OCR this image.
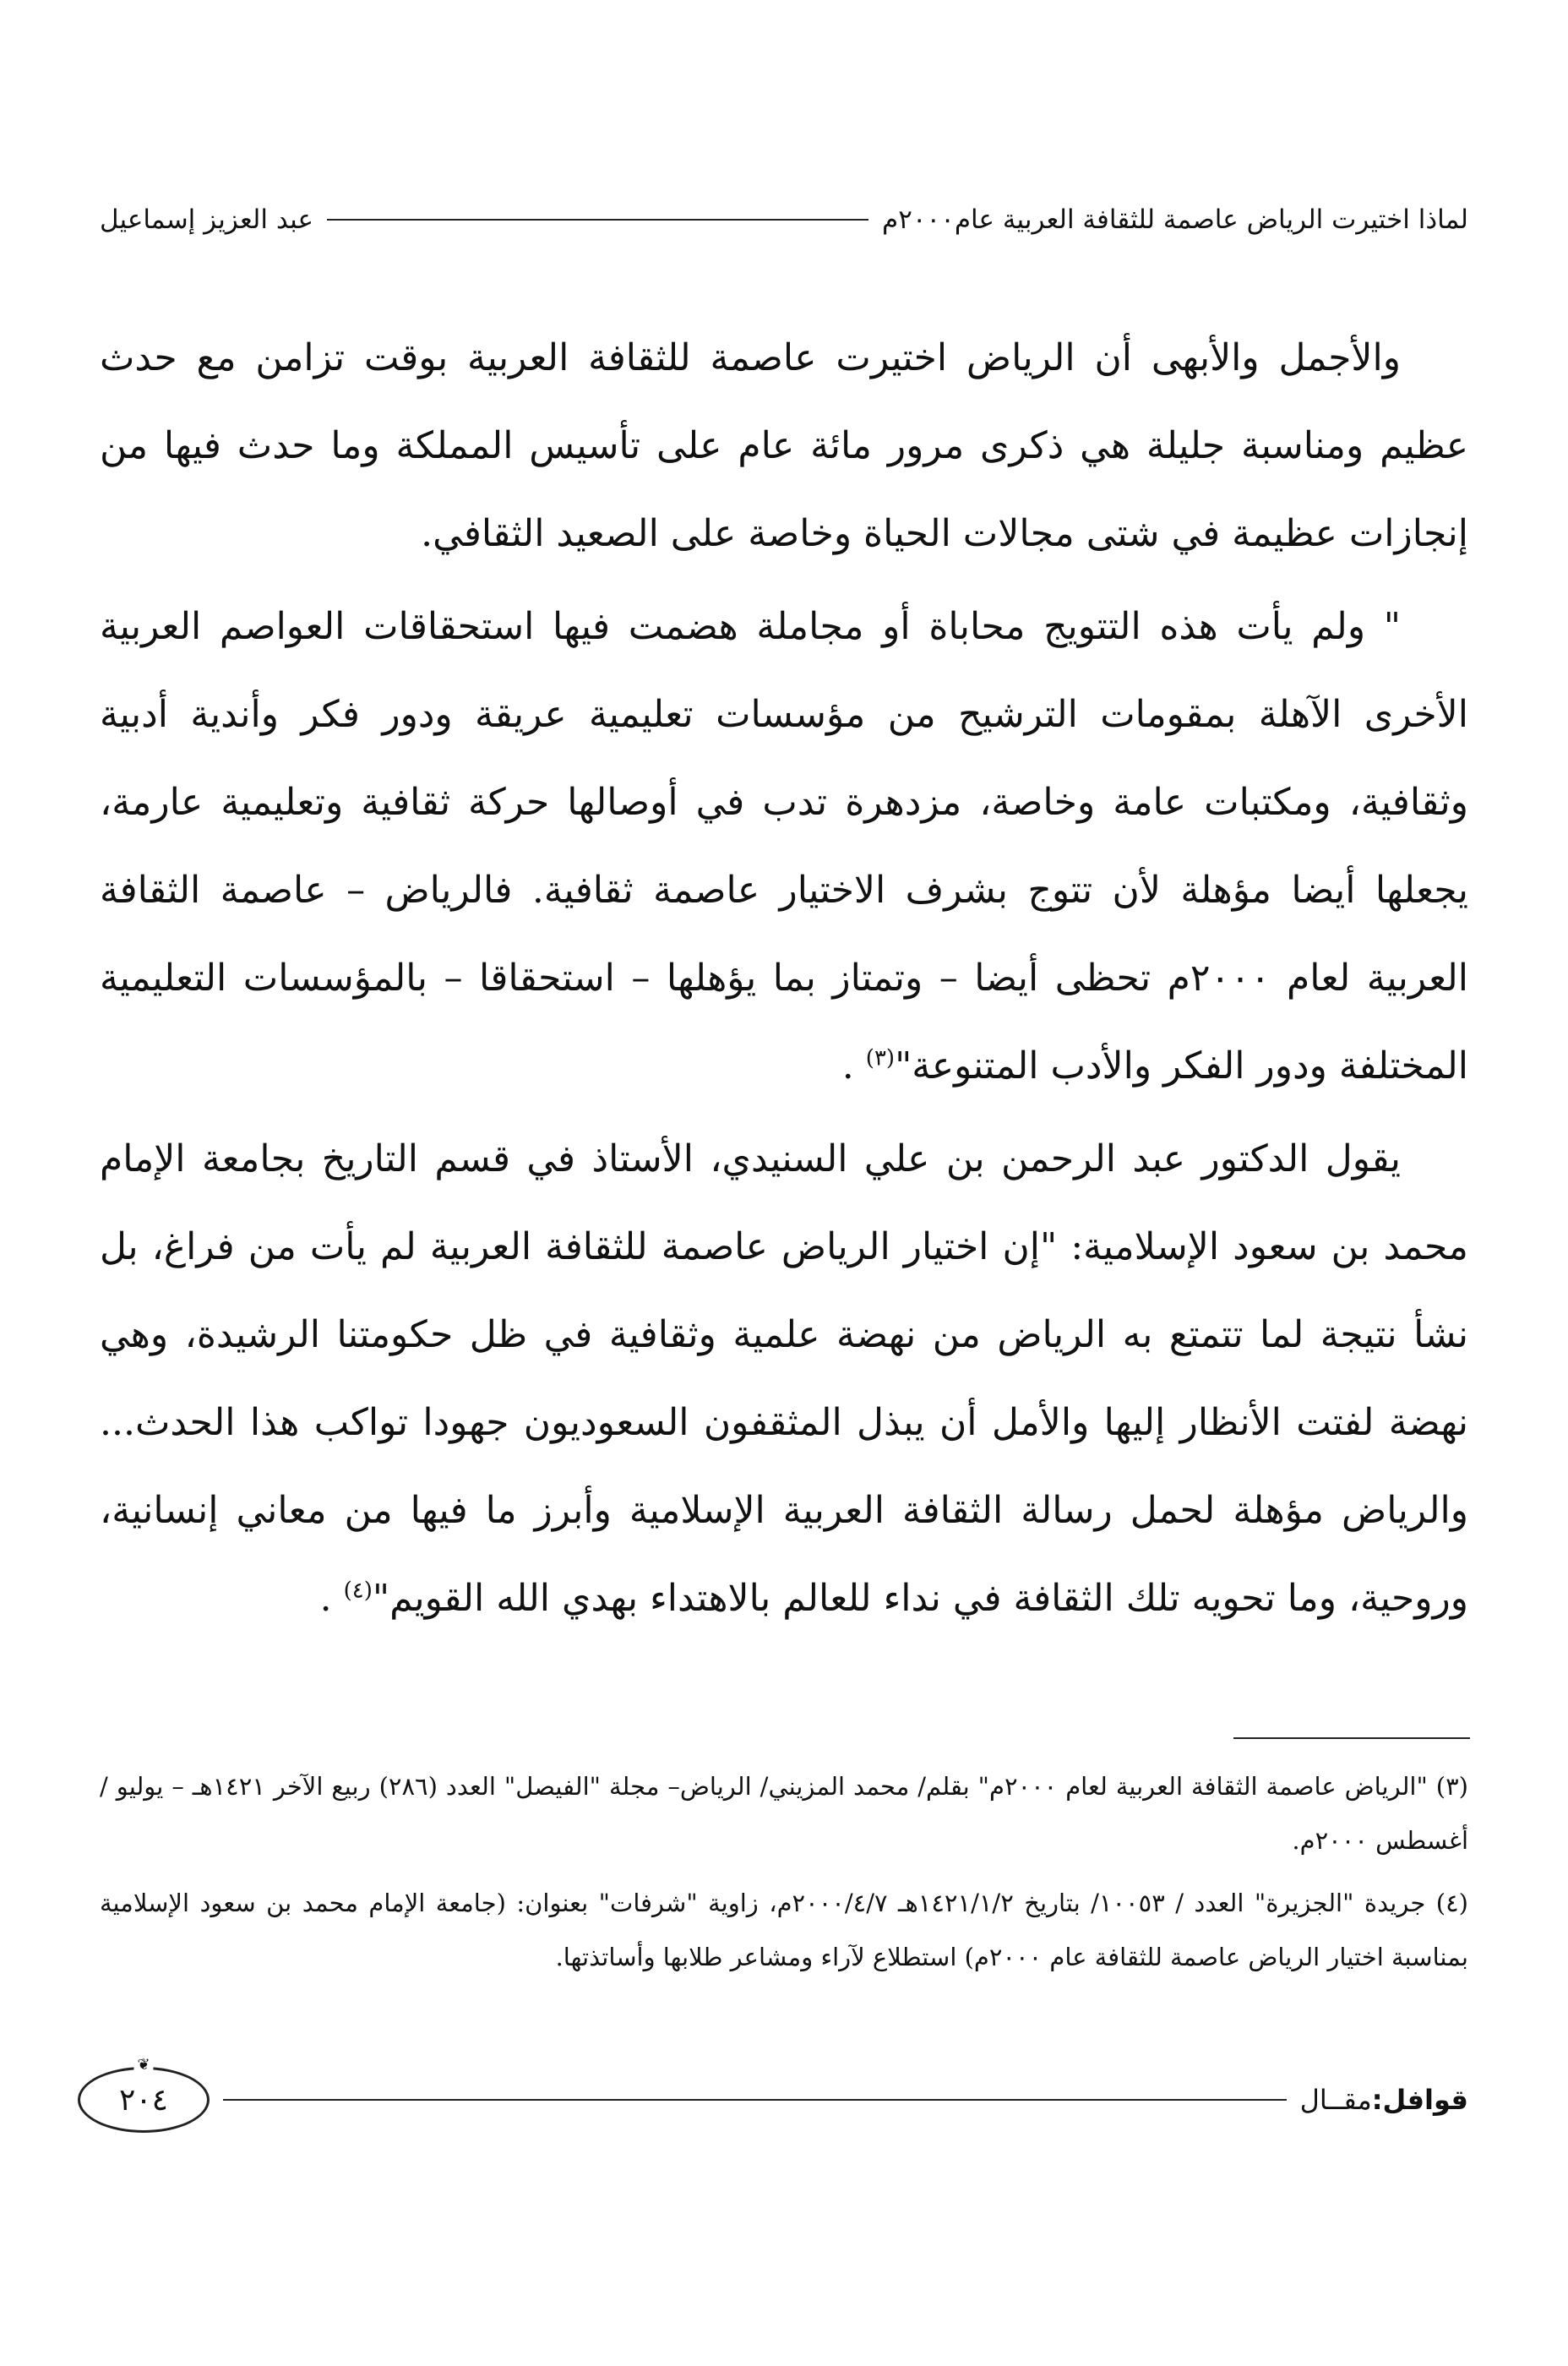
لماذا اختيرت الرياض عاصمة للثقافة العربية عام٢٠٠٠م
عبد العزيز إسماعيل

والأجمل والأبهى أن الرياض اختيرت عاصمة للثقافة العربية بوقت تزامن مع حدث عظيم ومناسبة جليلة هي ذكرى مرور مائة عام على تأسيس المملكة وما حدث فيها من إنجازات عظيمة في شتى مجالات الحياة وخاصة على الصعيد الثقافي.

" ولم يأت هذه التتويج محاباة أو مجاملة هضمت فيها استحقاقات العواصم العربية الأخرى الآهلة بمقومات الترشيح من مؤسسات تعليمية عريقة ودور فكر وأندية أدبية وثقافية، ومكتبات عامة وخاصة، مزدهرة تدب في أوصالها حركة ثقافية وتعليمية عارمة، يجعلها أيضا مؤهلة لأن تتوج بشرف الاختيار عاصمة ثقافية. فالرياض – عاصمة الثقافة العربية لعام ٢٠٠٠م تحظى أيضا – وتمتاز بما يؤهلها – استحقاقا – بالمؤسسات التعليمية المختلفة ودور الفكر والأدب المتنوعة"$^{(٣)}$ .

يقول الدكتور عبد الرحمن بن علي السنيدي، الأستاذ في قسم التاريخ بجامعة الإمام محمد بن سعود الإسلامية: "إن اختيار الرياض عاصمة للثقافة العربية لم يأت من فراغ، بل نشأ نتيجة لما تتمتع به الرياض من نهضة علمية وثقافية في ظل حكومتنا الرشيدة، وهي نهضة لفتت الأنظار إليها والأمل أن يبذل المثقفون السعوديون جهودا تواكب هذا الحدث... والرياض مؤهلة لحمل رسالة الثقافة العربية الإسلامية وأبرز ما فيها من معاني إنسانية، وروحية، وما تحويه تلك الثقافة في نداء للعالم بالاهتداء بهدي الله القويم"$^{(٤)}$ .

(٣) "الرياض عاصمة الثقافة العربية لعام ٢٠٠٠م" بقلم/ محمد المزيني/ الرياض– مجلة "الفيصل" العدد (٢٨٦) ربيع الآخر ١٤٢١هـ – يوليو / أغسطس ٢٠٠٠م.

(٤) جريدة "الجزيرة" العدد / ١٠٠٥٣/ بتاريخ ١٤٢١/١/٢هـ ٢٠٠٠/٤/٧م، زاوية "شرفات" بعنوان: (جامعة الإمام محمد بن سعود الإسلامية بمناسبة اختيار الرياض عاصمة للثقافة عام ٢٠٠٠م) استطلاع لآراء ومشاعر طلابها وأساتذتها.

قوافل:مقــال
❦
٢٠٤
